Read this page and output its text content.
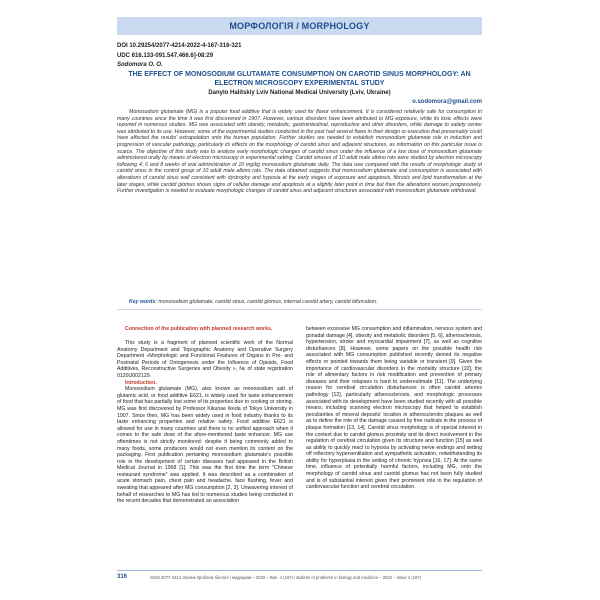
МОРФОЛОГІЯ / MORPHOLOGY
DOI 10.29254/2077-4214-2022-4-167-316-321
UDC 616.133-091.547.466.6]-08:29
Sodomora O. O.
THE EFFECT OF MONOSODIUM GLUTAMATE CONSUMPTION ON CAROTID SINUS MORPHOLOGY: AN ELECTRON MICROSCOPY EXPERIMENTAL STUDY
Danylo Halitskiy Lviv National Medical University (Lviv, Ukraine)
o.sodomora@gmail.com
Monosodium glutamate (MG) is a popular food additive that is widely used for flavor enhancement. It is considered relatively safe for consumption in many countries since the time it was first discovered in 1907. However, various disorders have been attributed to MG exposure, while its toxic effects were reported in numerous studies. MG was associated with obesity, metabolic, gastrointestinal, reproductive and other disorders, while damage to satiety center was attributed to its use. However, some of the experimental studies conducted in the past had several flaws in their design or execution that presumably could have affected the results' extrapolation onto the human population. Further studies are needed to establish monosodium glutamate role in induction and progression of vascular pathology, particularly its effects on the morphology of carotid sinus and adjacent structures, as information on this particular issue is scarce. The objective of this study was to analyze early morphologic changes of carotid sinus under the influence of a low dose of monosodium glutamate administered orally by means of electron microscopy in experimental setting. Carotid sinuses of 10 adult male albino rats were studied by electron microscopy following 4, 6 and 8 weeks of oral administration of 10 mg/kg monosodium glutamate daily. The data was compared with the results of morphologic study of carotid sinus in the control group of 10 adult male albino rats. The data obtained suggests that monosodium glutamate oral consumption is associated with alterations of carotid sinus wall consistent with dystrophy and hypoxia at the early stages of exposure and apoptosis, fibrosis and lipid transformation at the later stages, while carotid glomus shows signs of cellular damage and apoptosis at a slightly later point in time but then the alterations worsen progressively. Further investigation is needed to evaluate morphologic changes of carotid sinus and adjacent structures associated with monosodium glutamate withdrawal.
Key words: monosodium glutamate, carotid sinus, carotid glomus, internal carotid artery, carotid bifurcation.
Connection of the publication with planned research works.

This study is a fragment of planned scientific work of the Normal Anatomy Department and Topographic Anatomy and Operative Surgery Department «Morphologic and Functional Features of Organs in Pre- and Postnatal Periods of Ontogenesis under the Influence of Opioids, Food Additives, Reconstructive Surgeries and Obesity », № of state registration 0120U002129.

Introduction.

Monosodium glutamate (MG), also known as monosodium salt of glutamic acid, or food additive E621, is widely used for taste enhancement of food that has partially lost some of its properties due to cooking or storing. MG was first discovered by Professor Kikunae Ikeda of Tokyo University in 1907. Since then, MG has been widely used in food industry thanks to its taste enhancing properties and relative safety. Food additive E621 is allowed for use in many countries and there is no unified approach when it comes to the safe dose of the afore-mentioned taste enhancer. MG use oftentimes is not strictly monitored: despite it being commonly added to many foods, some producers would not even mention its content on the packaging. First publication pertaining monosodium glutamate's possible role in the development of certain diseases had appeared in the British Medical Journal in 1968 [1]. This was the first time the term "Chinese restaurant syndrome" was applied. It was described as a combination of acute stomach pain, chest pain and headache, face flushing, fever and sweating that appeared after MG consumption [2, 3]. Unwavering interest of behalf of researches to MG has led to numerous studies being conducted in the recent decades that demonstrated an association

between excessive MG consumption and inflammation, nervous system and gonadal damage [4], obesity and metabolic disorders [5, 6], atherosclerosis, hypertension, stroke and myocardial impairment [7], as well as cognitive disturbances [8]. However, some papers on the possible health risk associated with MG consumption published recently denied its negative effects or pointed towards them being variable or transient [9]. Given the importance of cardiovascular disorders in the mortality structure [10], the role of alimentary factors in risk modification and prevention of primary diseases and their relapses is hard to underestimate [11]. The underlying reason for cerebral circulation disturbances is often carotid arteries pathology [12], particularly atherosclerosis, and morphologic processes associated with its development have been studied recently with all possible means, including scanning electron microscopy that helped to establish peculiarities of mineral deposits' location in atherosclerotic plaques as well as to define the role of the damage caused by free radicals in the process of plaque formation [13, 14]. Carotid sinus morphology is of special interest in the context due to carotid glomus proximity and its direct involvement in the regulation of cerebral circulation given its structure and function [15] as well as ability to quickly react to hypoxia by activating nerve endings and setting off reflectory hyperventilation and sympathetic activation, notwithstanding its ability for hyperplasia in the setting of chronic hypoxia [16, 17]. At the same time, influence of potentially harmful factors, including MG, onto the morphology of carotid sinus and carotid glomus has not been fully studied and is of substantial interest given their prominent role in the regulation of cardiovascular function and cerebral circulation.

316	ISSN 2077-4214. Вісник проблем біології і медицини – 2022 – Вип. 4 (167) / Bulletin of problems in biology and medicine – 2022 – Issue 4 (167)
